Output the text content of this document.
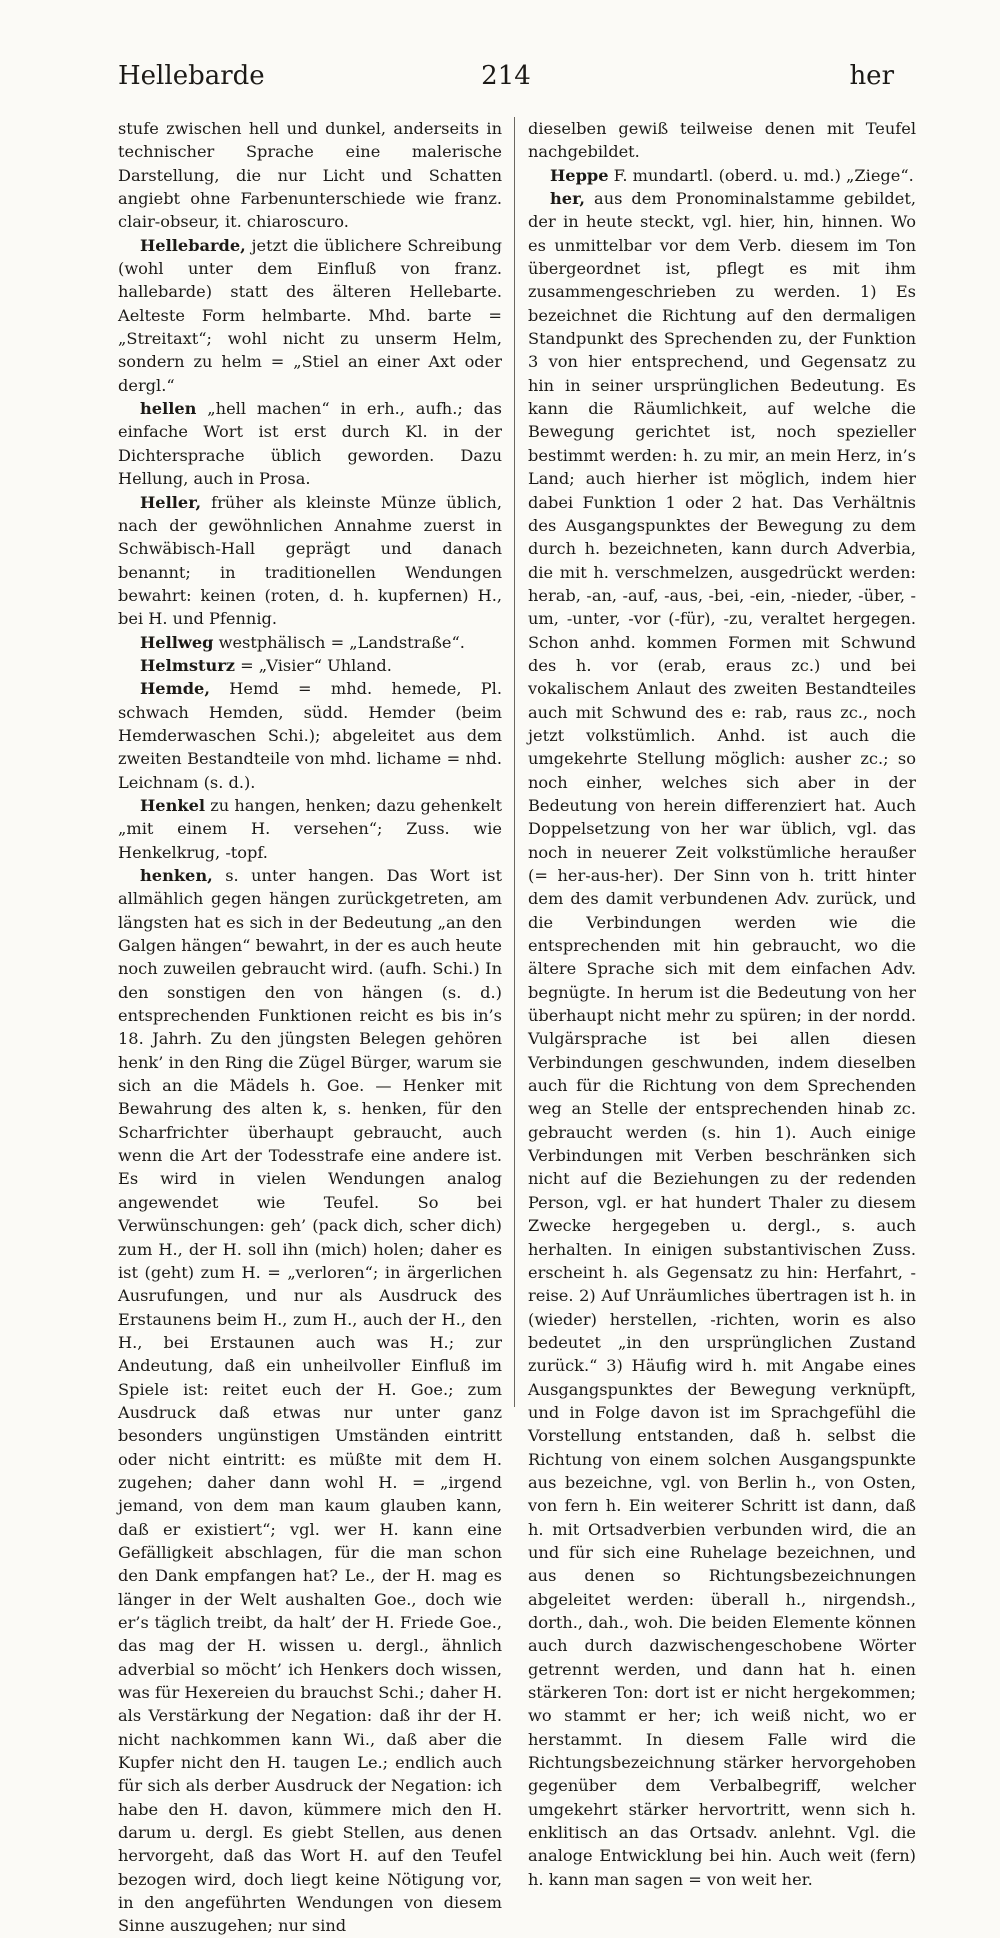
Hellebarde	214	her

stufe zwischen hell und dunkel, anderseits in technischer Sprache eine malerische Darstellung, die nur Licht und Schatten angiebt ohne Farbenunterschiede wie franz. clair-obseur, it. chiaroscuro.

Hellebarde, jetzt die üblichere Schreibung (wohl unter dem Einfluß von franz. hallebarde) statt des älteren Hellebarte. Aelteste Form helmbarte. Mhd. barte = „Streitaxt“; wohl nicht zu unserm Helm, sondern zu helm = „Stiel an einer Axt oder dergl.“

hellen „hell machen“ in erh., aufh.; das einfache Wort ist erst durch Kl. in der Dichtersprache üblich geworden. Dazu Hellung, auch in Prosa.

Heller, früher als kleinste Münze üblich, nach der gewöhnlichen Annahme zuerst in Schwäbisch-Hall geprägt und danach benannt; in traditionellen Wendungen bewahrt: keinen (roten, d. h. kupfernen) H., bei H. und Pfennig.

Hellweg westphälisch = „Landstraße“.

Helmsturz = „Visier“ Uhland.

Hemde, Hemd = mhd. hemede, Pl. schwach Hemden, südd. Hemder (beim Hemderwaschen Schi.); abgeleitet aus dem zweiten Bestandteile von mhd. lichame = nhd. Leichnam (s. d.).

Henkel zu hangen, henken; dazu gehenkelt „mit einem H. versehen“; Zuss. wie Henkelkrug, -topf.

henken, s. unter hangen. Das Wort ist allmählich gegen hängen zurückgetreten, am längsten hat es sich in der Bedeutung „an den Galgen hängen“ bewahrt, in der es auch heute noch zuweilen gebraucht wird. (aufh. Schi.) In den sonstigen den von hängen (s. d.) entsprechenden Funktionen reicht es bis in’s 18. Jahrh. Zu den jüngsten Belegen gehören henk’ in den Ring die Zügel Bürger, warum sie sich an die Mädels h. Goe. — Henker mit Bewahrung des alten k, s. henken, für den Scharfrichter überhaupt gebraucht, auch wenn die Art der Todesstrafe eine andere ist. Es wird in vielen Wendungen analog angewendet wie Teufel. So bei Verwünschungen: geh’ (pack dich, scher dich) zum H., der H. soll ihn (mich) holen; daher es ist (geht) zum H. = „verloren“; in ärgerlichen Ausrufungen, und nur als Ausdruck des Erstaunens beim H., zum H., auch der H., den H., bei Erstaunen auch was H.; zur Andeutung, daß ein unheilvoller Einfluß im Spiele ist: reitet euch der H. Goe.; zum Ausdruck daß etwas nur unter ganz besonders ungünstigen Umständen eintritt oder nicht eintritt: es müßte mit dem H. zugehen; daher dann wohl H. = „irgend jemand, von dem man kaum glauben kann, daß er existiert“; vgl. wer H. kann eine Gefälligkeit abschlagen, für die man schon den Dank empfangen hat? Le., der H. mag es länger in der Welt aushalten Goe., doch wie er’s täglich treibt, da halt’ der H. Friede Goe., das mag der H. wissen u. dergl., ähnlich adverbial so möcht’ ich Henkers doch wissen, was für Hexereien du brauchst Schi.; daher H. als Verstärkung der Negation: daß ihr der H. nicht nachkommen kann Wi., daß aber die Kupfer nicht den H. taugen Le.; endlich auch für sich als derber Ausdruck der Negation: ich habe den H. davon, kümmere mich den H. darum u. dergl. Es giebt Stellen, aus denen hervorgeht, daß das Wort H. auf den Teufel bezogen wird, doch liegt keine Nötigung vor, in den angeführten Wendungen von diesem Sinne auszugehen; nur sind

dieselben gewiß teilweise denen mit Teufel nachgebildet.

Heppe F. mundartl. (oberd. u. md.) „Ziege“.

her, aus dem Pronominalstamme gebildet, der in heute steckt, vgl. hier, hin, hinnen. Wo es unmittelbar vor dem Verb. diesem im Ton übergeordnet ist, pflegt es mit ihm zusammengeschrieben zu werden. 1) Es bezeichnet die Richtung auf den dermaligen Standpunkt des Sprechenden zu, der Funktion 3 von hier entsprechend, und Gegensatz zu hin in seiner ursprünglichen Bedeutung. Es kann die Räumlichkeit, auf welche die Bewegung gerichtet ist, noch spezieller bestimmt werden: h. zu mir, an mein Herz, in’s Land; auch hierher ist möglich, indem hier dabei Funktion 1 oder 2 hat. Das Verhältnis des Ausgangspunktes der Bewegung zu dem durch h. bezeichneten, kann durch Adverbia, die mit h. verschmelzen, ausgedrückt werden: herab, -an, -auf, -aus, -bei, -ein, -nieder, -über, -um, -unter, -vor (-für), -zu, veraltet hergegen. Schon anhd. kommen Formen mit Schwund des h. vor (erab, eraus zc.) und bei vokalischem Anlaut des zweiten Bestandteiles auch mit Schwund des e: rab, raus zc., noch jetzt volkstümlich. Anhd. ist auch die umgekehrte Stellung möglich: ausher zc.; so noch einher, welches sich aber in der Bedeutung von herein differenziert hat. Auch Doppelsetzung von her war üblich, vgl. das noch in neuerer Zeit volkstümliche heraußer (= her-aus-her). Der Sinn von h. tritt hinter dem des damit verbundenen Adv. zurück, und die Verbindungen werden wie die entsprechenden mit hin gebraucht, wo die ältere Sprache sich mit dem einfachen Adv. begnügte. In herum ist die Bedeutung von her überhaupt nicht mehr zu spüren; in der nordd. Vulgärsprache ist bei allen diesen Verbindungen geschwunden, indem dieselben auch für die Richtung von dem Sprechenden weg an Stelle der entsprechenden hinab zc. gebraucht werden (s. hin 1). Auch einige Verbindungen mit Verben beschränken sich nicht auf die Beziehungen zu der redenden Person, vgl. er hat hundert Thaler zu diesem Zwecke hergegeben u. dergl., s. auch herhalten. In einigen substantivischen Zuss. erscheint h. als Gegensatz zu hin: Herfahrt, -reise. 2) Auf Unräumliches übertragen ist h. in (wieder) herstellen, -richten, worin es also bedeutet „in den ursprünglichen Zustand zurück.“ 3) Häufig wird h. mit Angabe eines Ausgangspunktes der Bewegung verknüpft, und in Folge davon ist im Sprachgefühl die Vorstellung entstanden, daß h. selbst die Richtung von einem solchen Ausgangspunkte aus bezeichne, vgl. von Berlin h., von Osten, von fern h. Ein weiterer Schritt ist dann, daß h. mit Ortsadverbien verbunden wird, die an und für sich eine Ruhelage bezeichnen, und aus denen so Richtungsbezeichnungen abgeleitet werden: überall h., nirgendsh., dorth., dah., woh. Die beiden Elemente können auch durch dazwischengeschobene Wörter getrennt werden, und dann hat h. einen stärkeren Ton: dort ist er nicht hergekommen; wo stammt er her; ich weiß nicht, wo er herstammt. In diesem Falle wird die Richtungsbezeichnung stärker hervorgehoben gegenüber dem Verbalbegriff, welcher umgekehrt stärker hervortritt, wenn sich h. enklitisch an das Ortsadv. anlehnt. Vgl. die analoge Entwicklung bei hin. Auch weit (fern) h. kann man sagen = von weit her.
